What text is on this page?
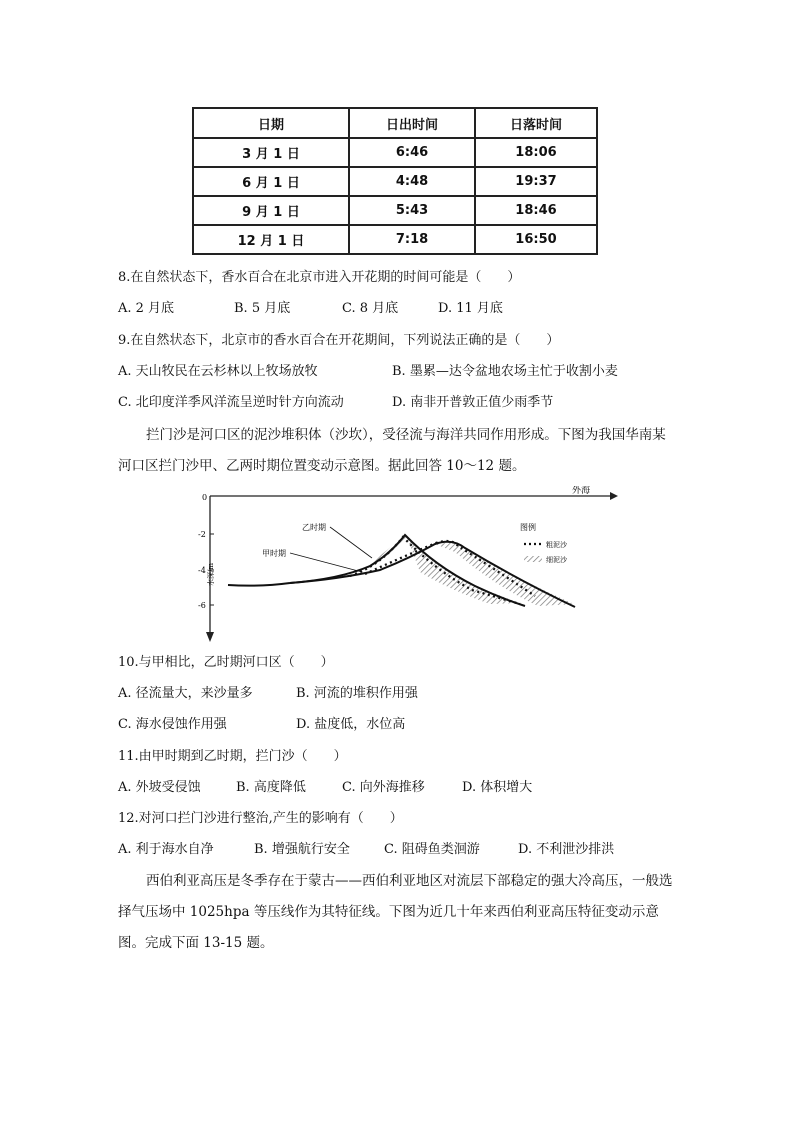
日期	日出时间	日落时间
3 月 1 日	6:46	18:06
6 月 1 日	4:48	19:37
9 月 1 日	5:43	18:46
12 月 1 日	7:18	16:50
8.在自然状态下，香水百合在北京市进入开花期的时间可能是（　　）
A. 2 月底	B. 5 月底	C. 8 月底	D. 11 月底
9.在自然状态下，北京市的香水百合在开花期间，下列说法正确的是（　　）
A. 天山牧民在云杉林以上牧场放牧	B. 墨累—达令盆地农场主忙于收割小麦
C. 北印度洋季风洋流呈逆时针方向流动	D. 南非开普敦正值少雨季节
拦门沙是河口区的泥沙堆积体（沙坎），受径流与海洋共同作用形成。下图为我国华南某河口区拦门沙甲、乙两时期位置变动示意图。据此回答 10～12 题。
外海
水深/m
0
-2
-4
-6
乙时期
甲时期
图例
粗泥沙
细泥沙
10.与甲相比，乙时期河口区（　　）
A. 径流量大，来沙量多	B. 河流的堆积作用强
C. 海水侵蚀作用强	D. 盐度低，水位高
11.由甲时期到乙时期，拦门沙（　　）
A. 外坡受侵蚀	B. 高度降低	C. 向外海推移	D. 体积增大
12.对河口拦门沙进行整治,产生的影响有（　　）
A. 利于海水自净	B. 增强航行安全	C. 阻碍鱼类洄游	D. 不利泄沙排洪
西伯利亚高压是冬季存在于蒙古——西伯利亚地区对流层下部稳定的强大冷高压，一般选择气压场中 1025hpa 等压线作为其特征线。下图为近几十年来西伯利亚高压特征变动示意图。完成下面 13-15 题。
